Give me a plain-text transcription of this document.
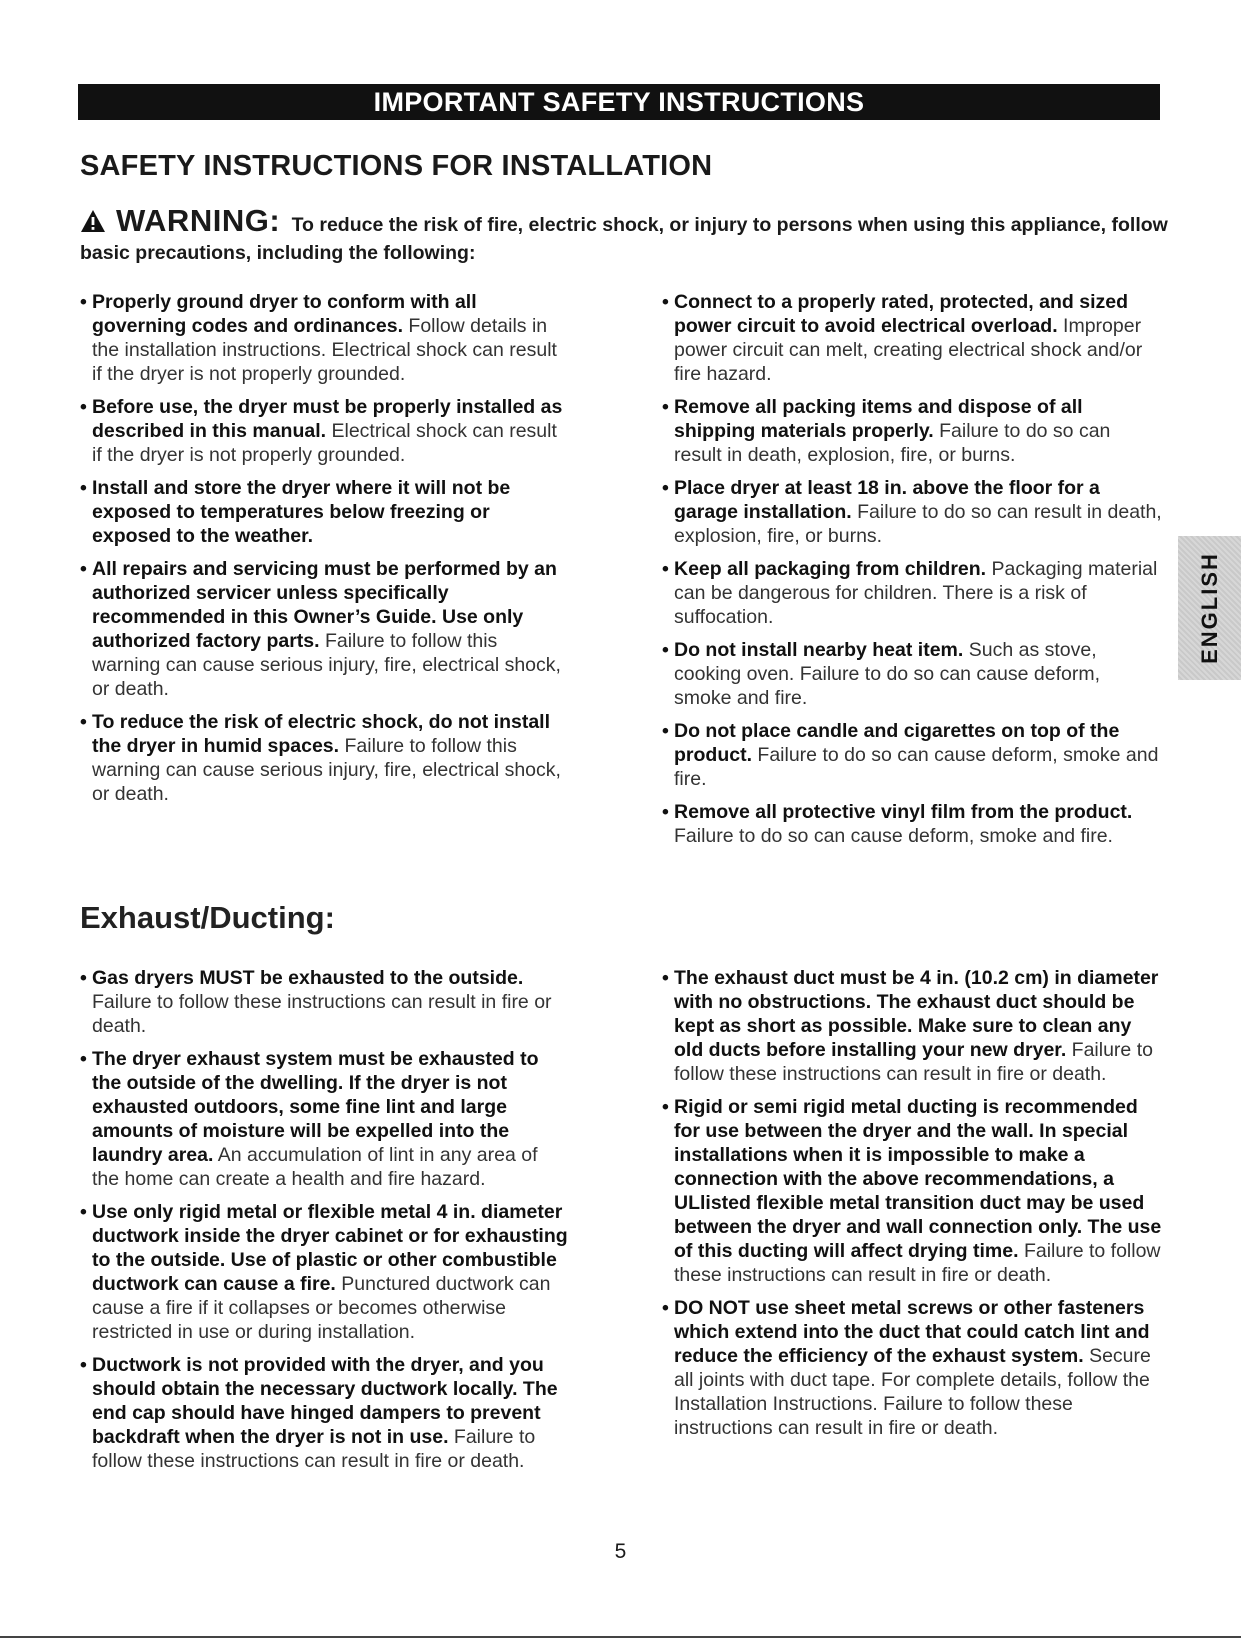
IMPORTANT SAFETY INSTRUCTIONS
SAFETY INSTRUCTIONS FOR INSTALLATION
WARNING: To reduce the risk of fire, electric shock, or injury to persons when using this appliance, follow basic precautions, including the following:
• Properly ground dryer to conform with all governing codes and ordinances. Follow details in the installation instructions. Electrical shock can result if the dryer is not properly grounded.
• Before use, the dryer must be properly installed as described in this manual. Electrical shock can result if the dryer is not properly grounded.
• Install and store the dryer where it will not be exposed to temperatures below freezing or exposed to the weather.
• All repairs and servicing must be performed by an authorized servicer unless specifically recommended in this Owner’s Guide. Use only authorized factory parts. Failure to follow this warning can cause serious injury, fire, electrical shock, or death.
• To reduce the risk of electric shock, do not install the dryer in humid spaces. Failure to follow this warning can cause serious injury, fire, electrical shock, or death.
• Connect to a properly rated, protected, and sized power circuit to avoid electrical overload. Improper power circuit can melt, creating electrical shock and/or fire hazard.
• Remove all packing items and dispose of all shipping materials properly. Failure to do so can result in death, explosion, fire, or burns.
• Place dryer at least 18 in. above the floor for a garage installation. Failure to do so can result in death, explosion, fire, or burns.
• Keep all packaging from children. Packaging material can be dangerous for children. There is a risk of suffocation.
• Do not install nearby heat item. Such as stove, cooking oven. Failure to do so can cause deform, smoke and fire.
• Do not place candle and cigarettes on top of the product. Failure to do so can cause deform, smoke and fire.
• Remove all protective vinyl film from the product. Failure to do so can cause deform, smoke and fire.
Exhaust/Ducting:
• Gas dryers MUST be exhausted to the outside. Failure to follow these instructions can result in fire or death.
• The dryer exhaust system must be exhausted to the outside of the dwelling. If the dryer is not exhausted outdoors, some fine lint and large amounts of moisture will be expelled into the laundry area. An accumulation of lint in any area of the home can create a health and fire hazard.
• Use only rigid metal or flexible metal 4 in. diameter ductwork inside the dryer cabinet or for exhausting to the outside. Use of plastic or other combustible ductwork can cause a fire. Punctured ductwork can cause a fire if it collapses or becomes otherwise restricted in use or during installation.
• Ductwork is not provided with the dryer, and you should obtain the necessary ductwork locally. The end cap should have hinged dampers to prevent backdraft when the dryer is not in use. Failure to follow these instructions can result in fire or death.
• The exhaust duct must be 4 in. (10.2 cm) in diameter with no obstructions. The exhaust duct should be kept as short as possible. Make sure to clean any old ducts before installing your new dryer. Failure to follow these instructions can result in fire or death.
• Rigid or semi rigid metal ducting is recommended for use between the dryer and the wall. In special installations when it is impossible to make a connection with the above recommendations, a ULlisted flexible metal transition duct may be used between the dryer and wall connection only. The use of this ducting will affect drying time. Failure to follow these instructions can result in fire or death.
• DO NOT use sheet metal screws or other fasteners which extend into the duct that could catch lint and reduce the efficiency of the exhaust system. Secure all joints with duct tape. For complete details, follow the Installation Instructions. Failure to follow these instructions can result in fire or death.
5
ENGLISH
